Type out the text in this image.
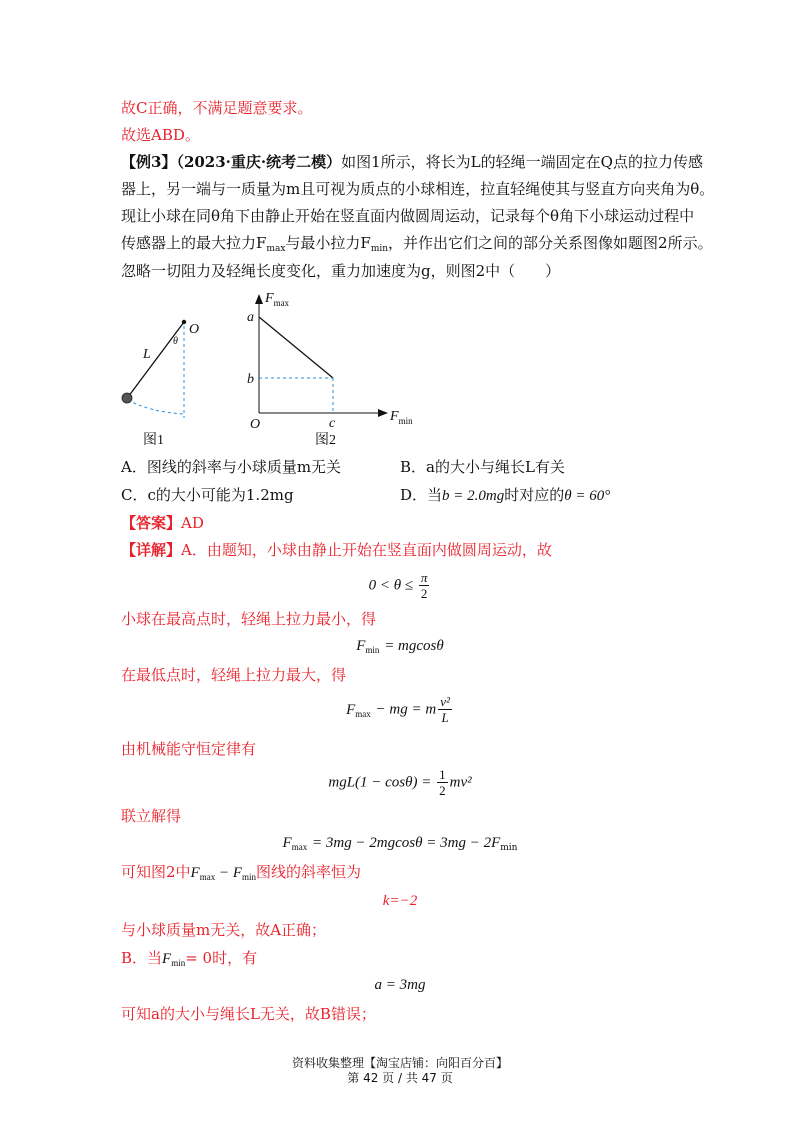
故C正确，不满足题意要求。
故选ABD。
【例3】（2023·重庆·统考二模）如图1所示，将长为L的轻绳一端固定在Q点的拉力传感
器上，另一端与一质量为m且可视为质点的小球相连，拉直轻绳使其与竖直方向夹角为θ。
现让小球在同θ角下由静止开始在竖直面内做圆周运动，记录每个θ角下小球运动过程中
传感器上的最大拉力$F_{max}$与最小拉力$F_{min}$，并作出它们之间的部分关系图像如题图2所示。
忽略一切阻力及轻绳长度变化，重力加速度为g，则图2中（　　）
O
θ
L
图1
$F_{max}$
$F_{min}$
a
b
c
O
图2
A．图线的斜率与小球质量m无关	B．a的大小与绳长L有关
C．c的大小可能为1.2mg	D．当b = 2.0mg时对应的θ = 60°
【答案】AD
【详解】A．由题知，小球由静止开始在竖直面内做圆周运动，故
$0 < \theta \le \frac{\pi}{2}$
小球在最高点时，轻绳上拉力最小，得
$F_{min} = mgcos\theta$
在最低点时，轻绳上拉力最大，得
$F_{max}$ − mg = m $\frac{\text{v²}}{L}$
由机械能守恒定律有
$mgL(1 - \cos\theta) = \frac{1}{2} mv^2$
联立解得
$F_{max} = 3mg - 2mgcos\theta = 3mg - 2F_{min}$
可知图2中$F_{max} - F_{min}$图线的斜率恒为
k=−2
与小球质量m无关，故A正确；
B．当$F_{min}= 0$时，有
a = 3mg
可知a的大小与绳长L无关，故B错误；
资料收集整理【淘宝店铺：向阳百分百】
第 42 页 / 共 47 页
